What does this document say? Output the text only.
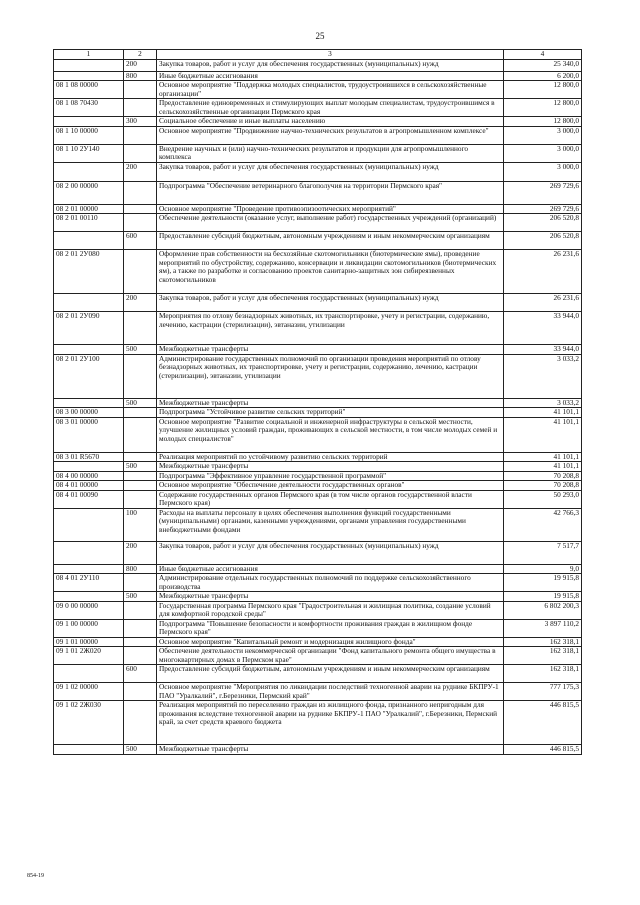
25
1	2	3	4
	200	Закупка товаров, работ и услуг для обеспечения государственных (муниципальных) нужд	25 340,0
	800	Иные бюджетные ассигнования	6 200,0
08 1 08 00000		Основное мероприятие "Поддержка молодых специалистов, трудоустроившихся в сельскохозяйственные организации"	12 800,0
08 1 08 70430		Предоставление единовременных и стимулирующих выплат молодым специалистам, трудоустроившимся в сельскохозяйственные организации Пермского края	12 800,0
	300	Социальное обеспечение и иные выплаты населению	12 800,0
08 1 10 00000		Основное мероприятие "Продвижение научно-технических результатов в агропромышленном комплексе"	3 000,0
08 1 10 2У140		Внедрение научных и (или) научно-технических результатов и продукции для агропромышленного комплекса	3 000,0
	200	Закупка товаров, работ и услуг для обеспечения государственных (муниципальных) нужд	3 000,0
08 2 00 00000		Подпрограмма "Обеспечение ветеринарного благополучия на территории Пермского края"	269 729,6
08 2 01 00000		Основное мероприятие "Проведение противоэпизоотических мероприятий"	269 729,6
08 2 01 00110		Обеспечение деятельности (оказание услуг, выполнение работ) государственных учреждений (организаций)	206 520,8
	600	Предоставление субсидий бюджетным, автономным учреждениям и иным некоммерческим организациям	206 520,8
08 2 01 2У080		Оформление прав собственности на бесхозяйные скотомогильники (биотермические ямы), проведение мероприятий по обустройству, содержанию, консервации и ликвидации скотомогильников (биотермических ям), а также по разработке и согласованию проектов санитарно-защитных зон сибиреязвенных скотомогильников	26 231,6
	200	Закупка товаров, работ и услуг для обеспечения государственных (муниципальных) нужд	26 231,6
08 2 01 2У090		Мероприятия по отлову безнадзорных животных, их транспортировке, учету и регистрации, содержанию, лечению, кастрации (стерилизации), эвтаназии, утилизации	33 944,0
	500	Межбюджетные трансферты	33 944,0
08 2 01 2У100		Администрирование государственных полномочий по организации проведения мероприятий по отлову безнадзорных животных, их транспортировке, учету и регистрации, содержанию, лечению, кастрации (стерилизации), эвтаназии, утилизации	3 033,2
	500	Межбюджетные трансферты	3 033,2
08 3 00 00000		Подпрограмма "Устойчивое развитие сельских территорий"	41 101,1
08 3 01 00000		Основное мероприятие "Развитие социальной и инженерной инфраструктуры в сельской местности, улучшение жилищных условий граждан, проживающих в сельской местности, в том числе молодых семей и молодых специалистов"	41 101,1
08 3 01 R5670		Реализация мероприятий по устойчивому развитию сельских территорий	41 101,1
	500	Межбюджетные трансферты	41 101,1
08 4 00 00000		Подпрограмма "Эффективное управление государственной программой"	70 208,8
08 4 01 00000		Основное мероприятие "Обеспечение деятельности государственных органов"	70 208,8
08 4 01 00090		Содержание государственных органов Пермского края (в том числе органов государственной власти Пермского края)	50 293,0
	100	Расходы на выплаты персоналу в целях обеспечения выполнения функций государственными (муниципальными) органами, казенными учреждениями, органами управления государственными внебюджетными фондами	42 766,3
	200	Закупка товаров, работ и услуг для обеспечения государственных (муниципальных) нужд	7 517,7
	800	Иные бюджетные ассигнования	9,0
08 4 01 2У110		Администрирование отдельных государственных полномочий по поддержке сельскохозяйственного производства	19 915,8
	500	Межбюджетные трансферты	19 915,8
09 0 00 00000		Государственная программа Пермского края "Градостроительная и жилищная политика, создание условий для комфортной городской среды"	6 802 200,3
09 1 00 00000		Подпрограмма "Повышение безопасности и комфортности проживания граждан в жилищном фонде Пермского края"	3 897 110,2
09 1 01 00000		Основное мероприятие "Капитальный ремонт и модернизация жилищного фонда"	162 318,1
09 1 01 2Ж020		Обеспечение деятельности некоммерческой организации "Фонд капитального ремонта общего имущества в многоквартирных домах в Пермском крае"	162 318,1
	600	Предоставление субсидий бюджетным, автономным учреждениям и иным некоммерческим организациям	162 318,1
09 1 02 00000		Основное мероприятие "Мероприятия по ликвидации последствий техногенной аварии на руднике БКПРУ-1 ПАО "Уралкалий", г.Березники, Пермский край"	777 175,3
09 1 02 2Ж030		Реализация мероприятий по переселению граждан из жилищного фонда, признанного непригодным для проживания вследствие техногенной аварии на руднике БКПРУ-1 ПАО "Уралкалий", г.Березники, Пермский край, за счет средств краевого бюджета	446 815,5
	500	Межбюджетные трансферты	446 815,5
854-19
